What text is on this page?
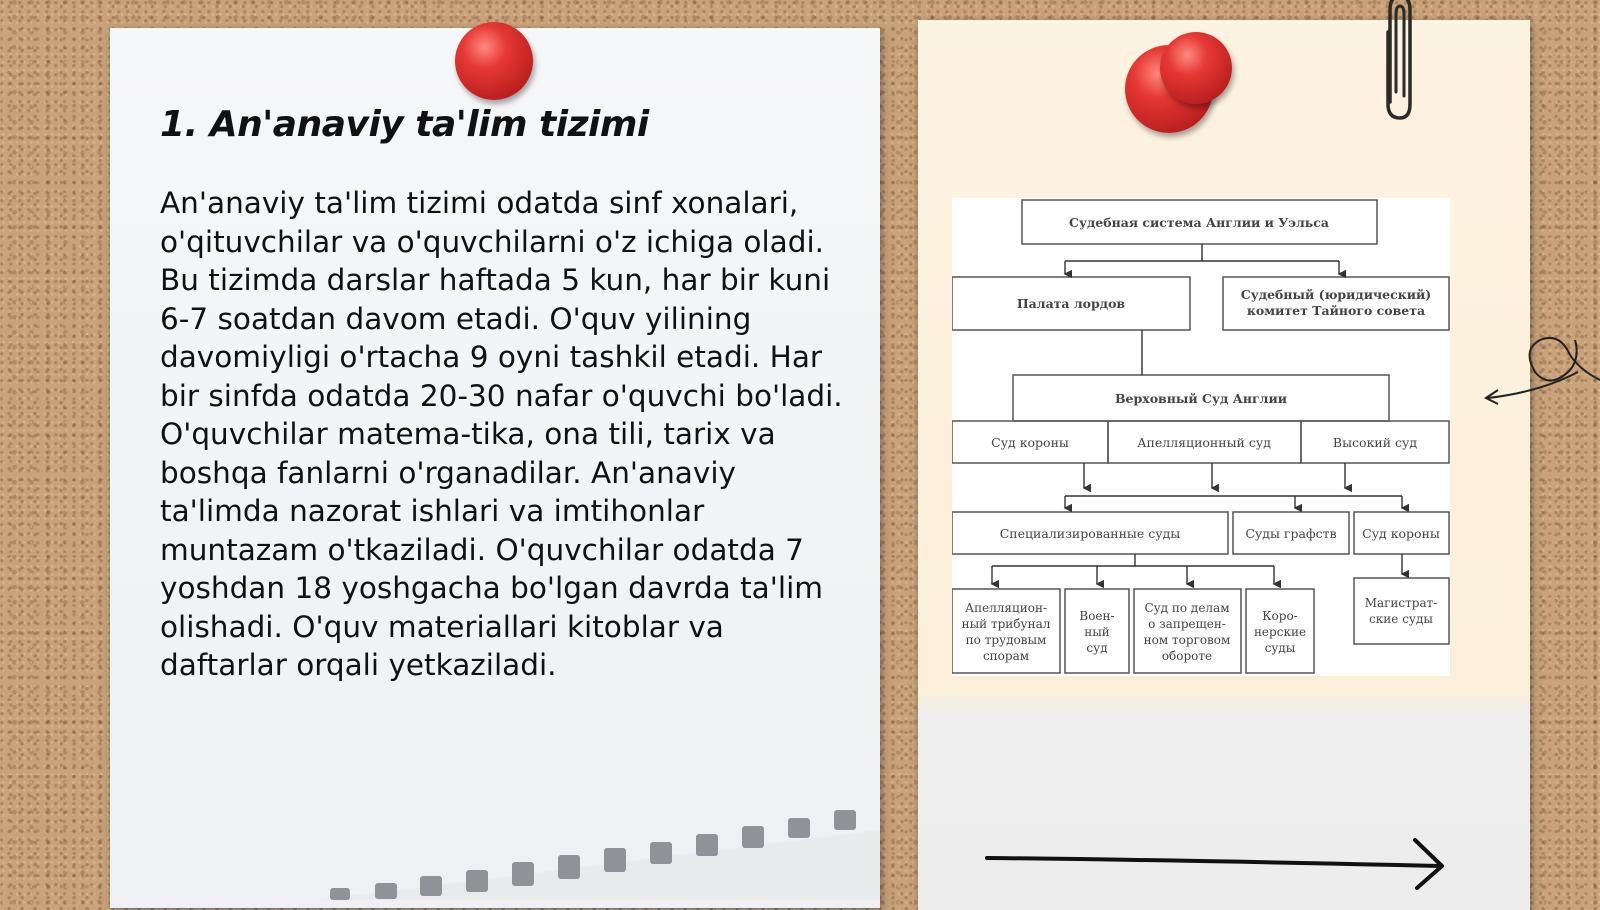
1. An'anaviy ta'lim tizimi

An'anaviy ta'lim tizimi odatda sinf xonalari, o'qituvchilar va o'quvchilarni o'z ichiga oladi. Bu tizimda darslar haftada 5 kun, har bir kuni 6-7 soatdan davom etadi. O'quv yilining davomiyligi o'rtacha 9 oyni tashkil etadi. Har bir sinfda odatda 20-30 nafar o'quvchi bo'ladi. O'quvchilar matema-tika, ona tili, tarix va boshqa fanlarni o'rganadilar. An'anaviy ta'limda nazorat ishlari va imtihonlar muntazam o'tkaziladi. O'quvchilar odatda 7 yoshdan 18 yoshgacha bo'lgan davrda ta'lim olishadi. O'quv materiallari kitoblar va daftarlar orqali yetkaziladi.

Судебная система Англии и Уэльса
Палата лордов
Судебный (юридический)
комитет Тайного совета
Верховный Суд Англии
Суд короны	Апелляционный суд	Высокий суд
Специализированные суды	Суды графств Суд короны
Апелляцион-
ный трибунал
по трудовым
спорам
Воен-
ный
суд
Суд по делам
о запрещен-
ном торговом
обороте
Коро-
нерские
суды
Магистрат-
ские суды
